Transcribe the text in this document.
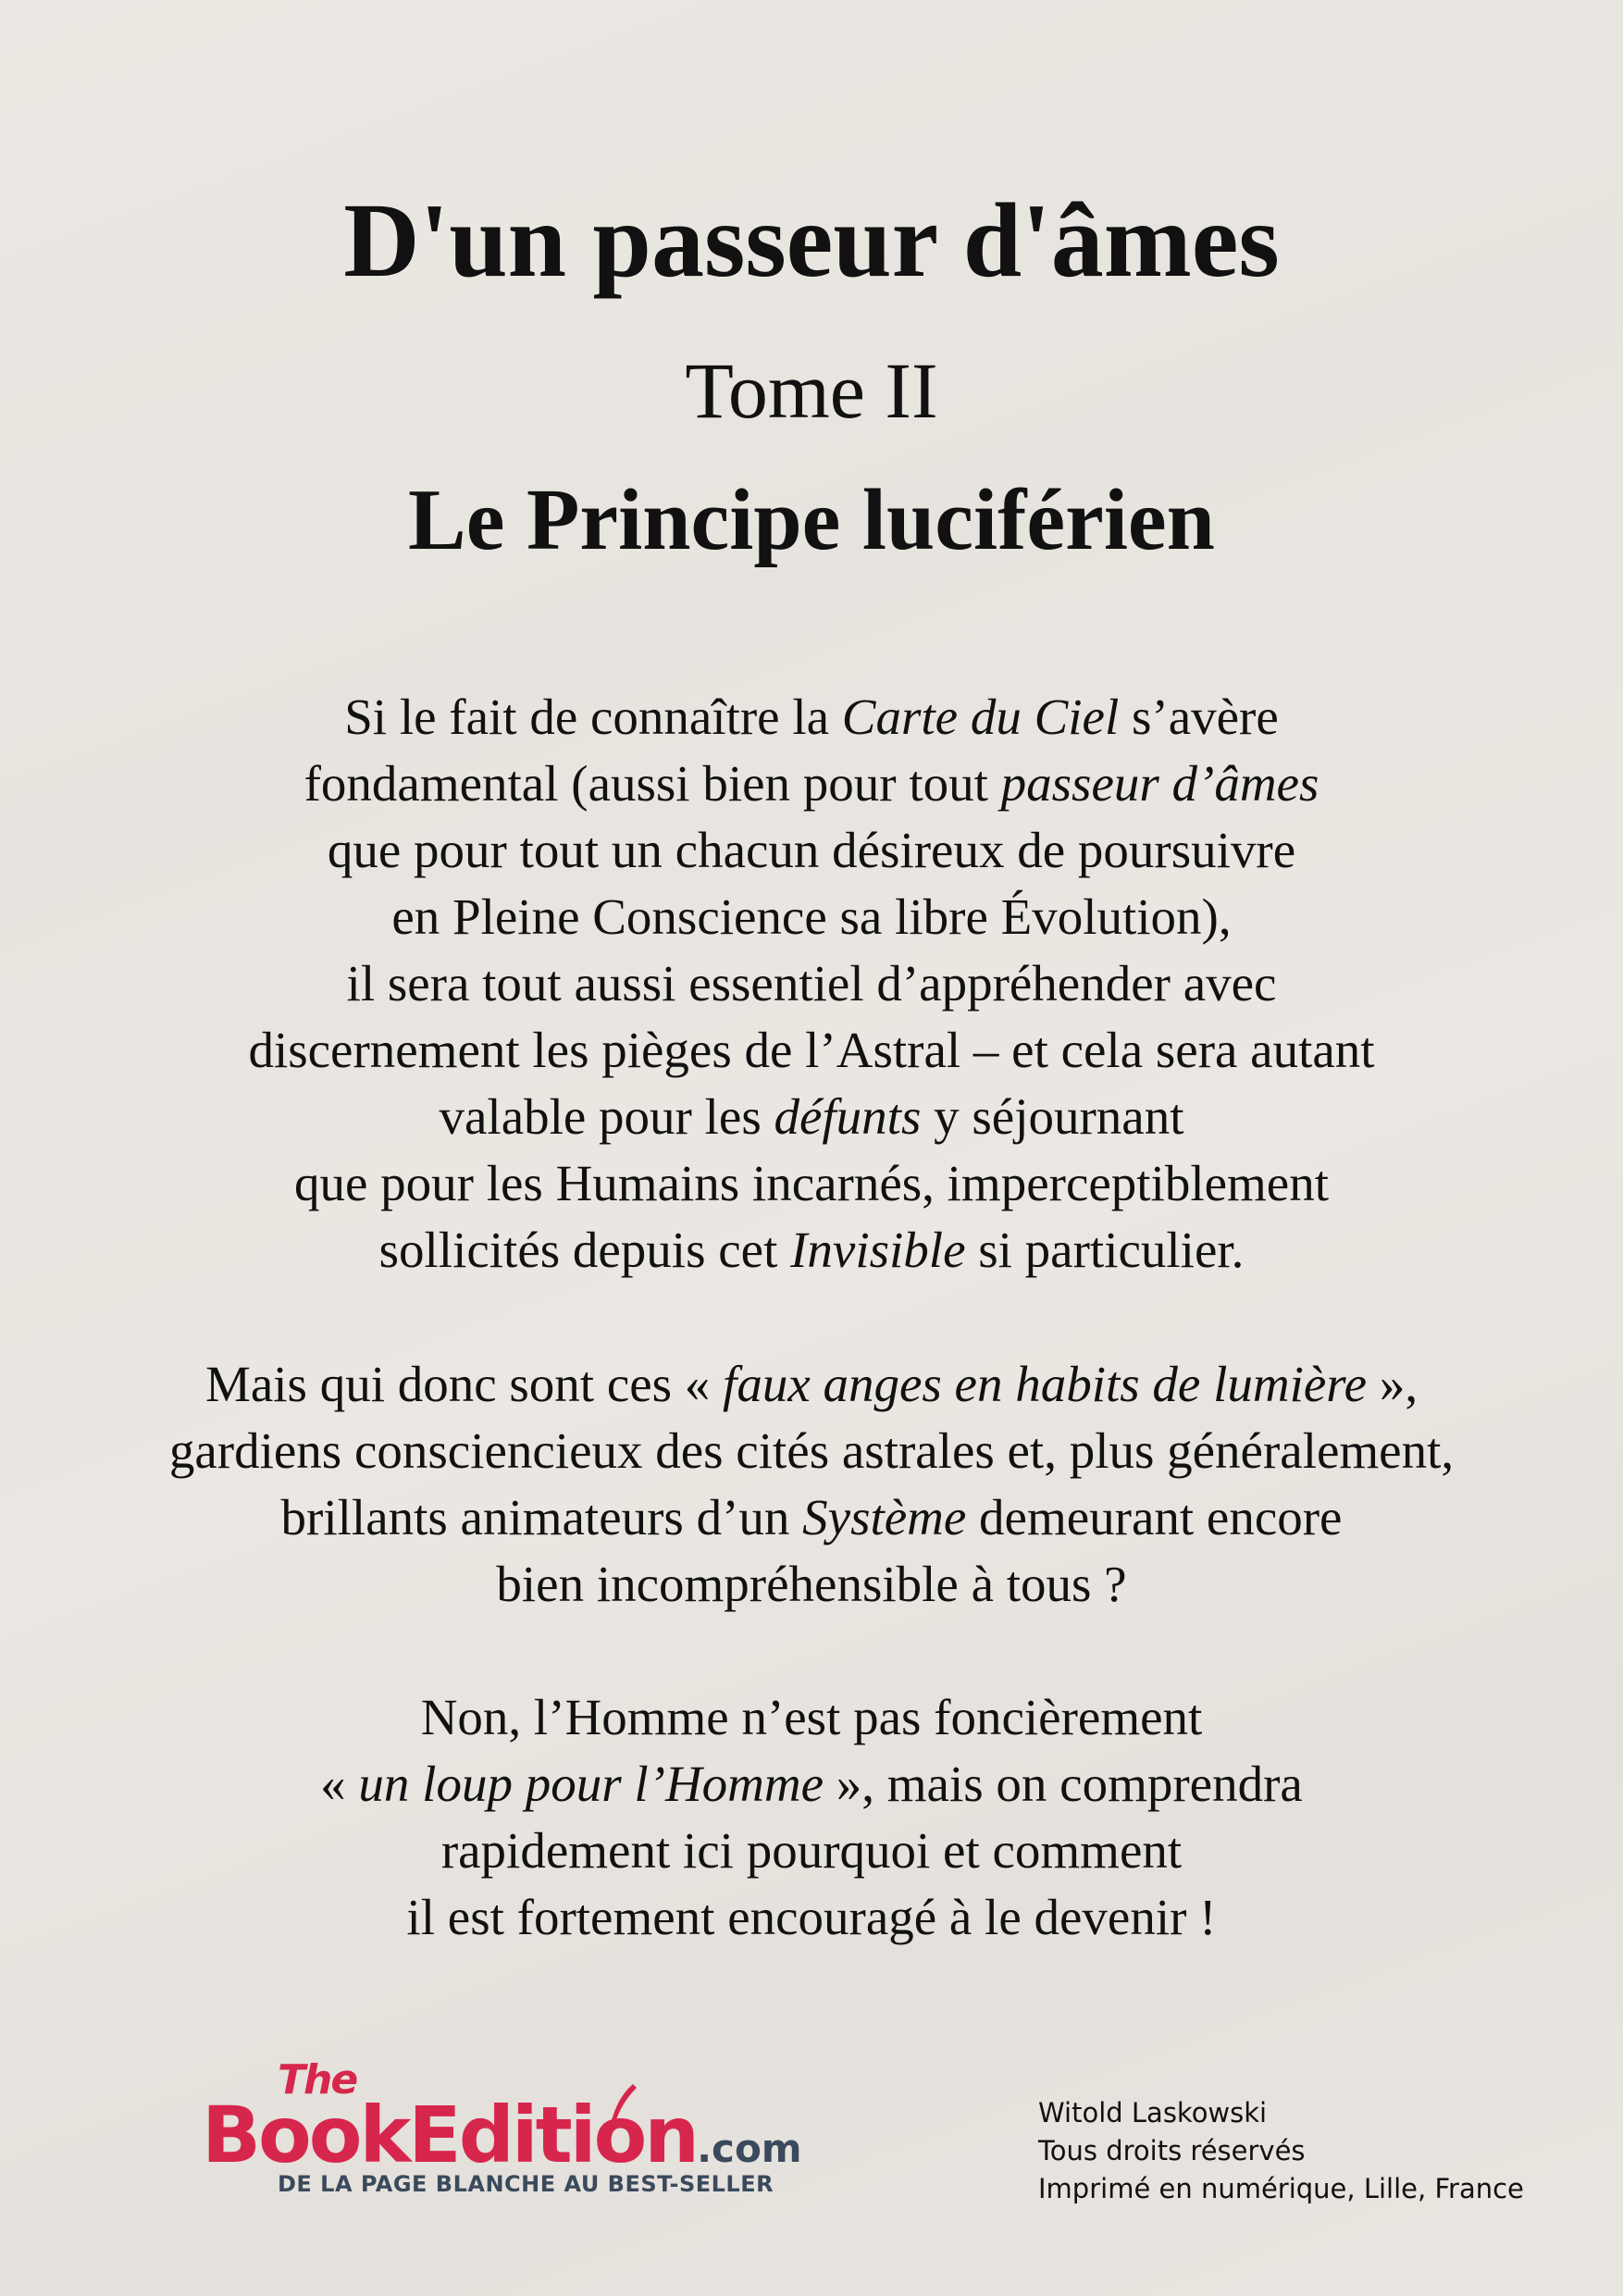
D'un passeur d'âmes
Tome II
Le Principe luciférien
Si le fait de connaître la Carte du Ciel s’avère
fondamental (aussi bien pour tout passeur d’âmes
que pour tout un chacun désireux de poursuivre
en Pleine Conscience sa libre Évolution),
il sera tout aussi essentiel d’appréhender avec
discernement les pièges de l’Astral – et cela sera autant
valable pour les défunts y séjournant
que pour les Humains incarnés, imperceptiblement
sollicités depuis cet Invisible si particulier.
Mais qui donc sont ces « faux anges en habits de lumière »,
gardiens consciencieux des cités astrales et, plus généralement,
brillants animateurs d’un Système demeurant encore
bien incompréhensible à tous ?
Non, l’Homme n’est pas foncièrement
« un loup pour l’Homme », mais on comprendra
rapidement ici pourquoi et comment
il est fortement encouragé à le devenir !
The
BookEditio
n.com
DE LA PAGE BLANCHE AU BEST-SELLER
Witold Laskowski
Tous droits réservés
Imprimé en numérique, Lille, France
